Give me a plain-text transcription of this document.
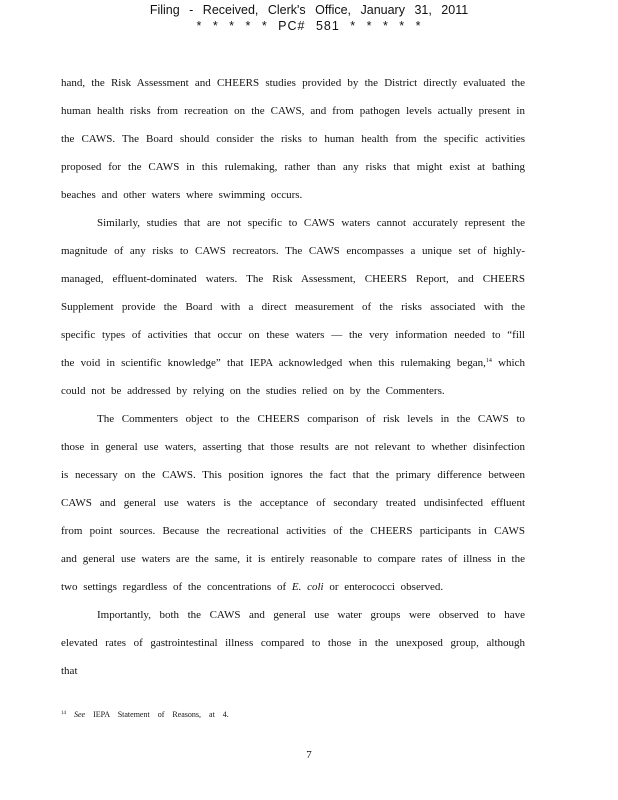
Filing - Received, Clerk's Office, January 31, 2011
* * * * * PC# 581 * * * * *

hand, the Risk Assessment and CHEERS studies provided by the District directly evaluated the human health risks from recreation on the CAWS, and from pathogen levels actually present in the CAWS. The Board should consider the risks to human health from the specific activities proposed for the CAWS in this rulemaking, rather than any risks that might exist at bathing beaches and other waters where swimming occurs.

Similarly, studies that are not specific to CAWS waters cannot accurately represent the magnitude of any risks to CAWS recreators. The CAWS encompasses a unique set of highly-managed, effluent-dominated waters. The Risk Assessment, CHEERS Report, and CHEERS Supplement provide the Board with a direct measurement of the risks associated with the specific types of activities that occur on these waters — the very information needed to “fill the void in scientific knowledge” that IEPA acknowledged when this rulemaking began,$^{14}$ which could not be addressed by relying on the studies relied on by the Commenters.

The Commenters object to the CHEERS comparison of risk levels in the CAWS to those in general use waters, asserting that those results are not relevant to whether disinfection is necessary on the CAWS. This position ignores the fact that the primary difference between CAWS and general use waters is the acceptance of secondary treated undisinfected effluent from point sources. Because the recreational activities of the CHEERS participants in CAWS and general use waters are the same, it is entirely reasonable to compare rates of illness in the two settings regardless of the concentrations of E. coli or enterococci observed.

Importantly, both the CAWS and general use water groups were observed to have elevated rates of gastrointestinal illness compared to those in the unexposed group, although that

$^{14}$ See IEPA Statement of Reasons, at 4.
7
